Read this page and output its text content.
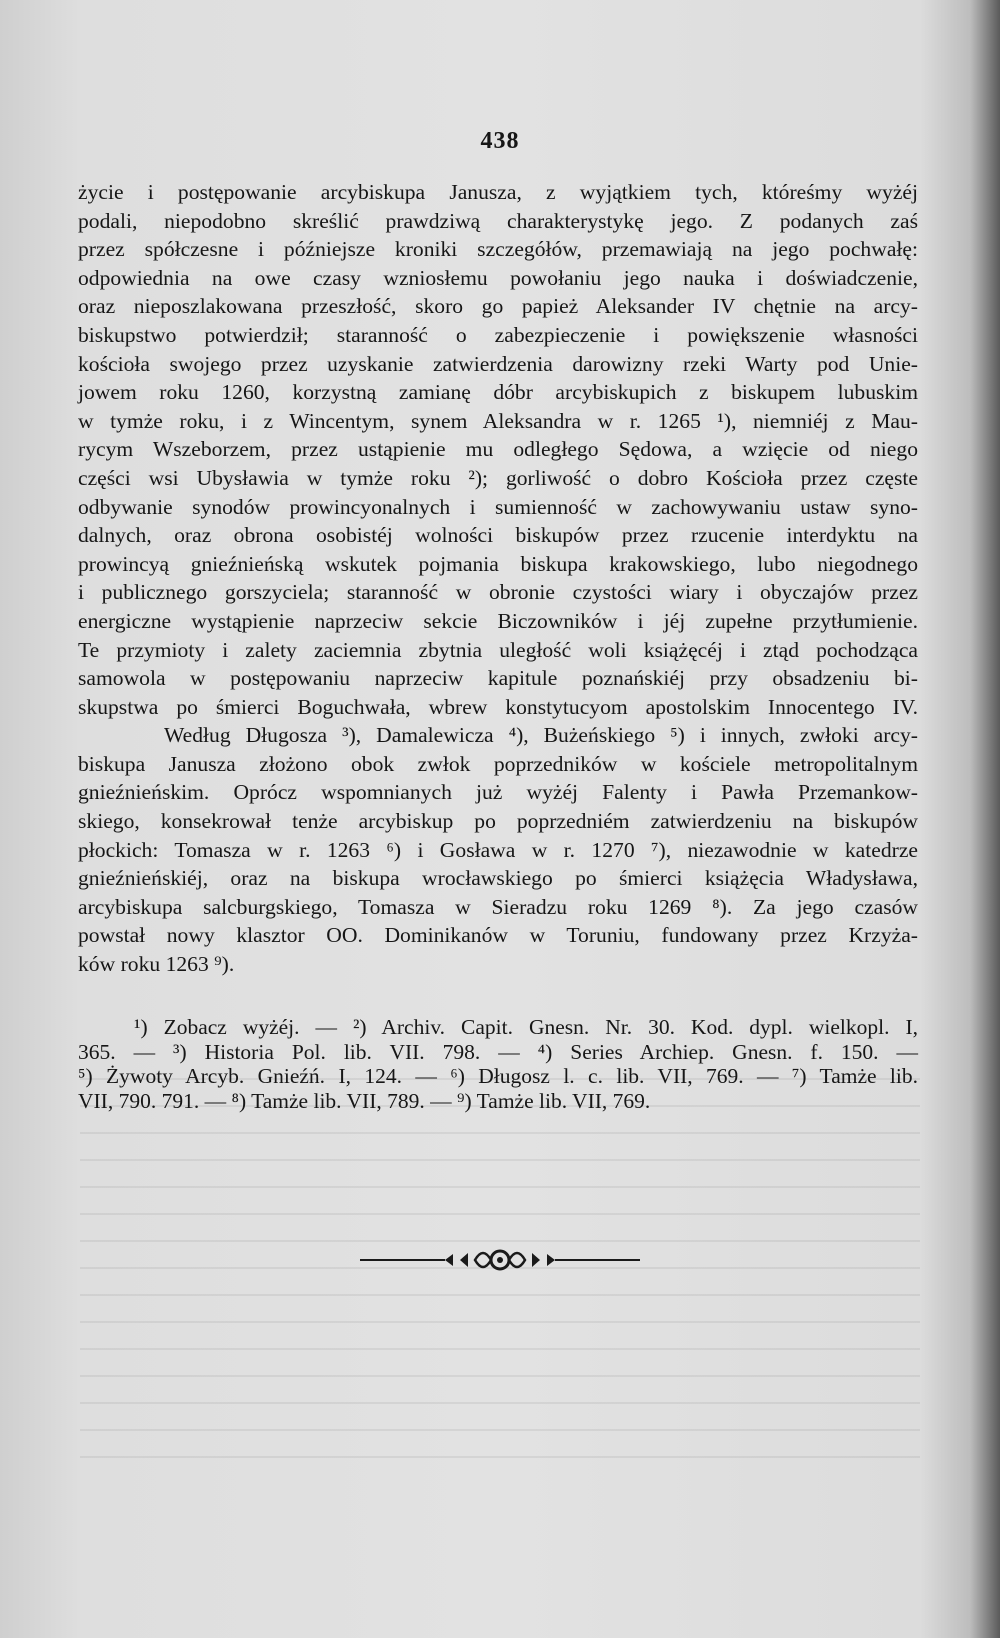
438
życie i postępowanie arcybiskupa Janusza, z wyjątkiem tych, któreśmy wyżéj
podali, niepodobno skreślić prawdziwą charakterystykę jego. Z podanych zaś
przez spółczesne i późniejsze kroniki szczegółów, przemawiają na jego pochwałę:
odpowiednia na owe czasy wzniosłemu powołaniu jego nauka i doświadczenie,
oraz nieposzlakowana przeszłość, skoro go papież Aleksander IV chętnie na arcy-
biskupstwo potwierdził; staranność o zabezpieczenie i powiększenie własności
kościoła swojego przez uzyskanie zatwierdzenia darowizny rzeki Warty pod Unie-
jowem roku 1260, korzystną zamianę dóbr arcybiskupich z biskupem lubuskim
w tymże roku, i z Wincentym, synem Aleksandra w r. 1265 ¹), niemniéj z Mau-
rycym Wszeborzem, przez ustąpienie mu odległego Sędowa, a wzięcie od niego
części wsi Ubysławia w tymże roku ²); gorliwość o dobro Kościoła przez częste
odbywanie synodów prowincyonalnych i sumienność w zachowywaniu ustaw syno-
dalnych, oraz obrona osobistéj wolności biskupów przez rzucenie interdyktu na
prowincyą gnieźnieńską wskutek pojmania biskupa krakowskiego, lubo niegodnego
i publicznego gorszyciela; staranność w obronie czystości wiary i obyczajów przez
energiczne wystąpienie naprzeciw sekcie Biczowników i jéj zupełne przytłumienie.
Te przymioty i zalety zaciemnia zbytnia uległość woli książęcéj i ztąd pochodząca
samowola w postępowaniu naprzeciw kapitule poznańskiéj przy obsadzeniu bi-
skupstwa po śmierci Boguchwała, wbrew konstytucyom apostolskim Innocentego IV.
Według Długosza ³), Damalewicza ⁴), Bużeńskiego ⁵) i innych, zwłoki arcy-
biskupa Janusza złożono obok zwłok poprzedników w kościele metropolitalnym
gnieźnieńskim. Oprócz wspomnianych już wyżéj Falenty i Pawła Przemankow-
skiego, konsekrował tenże arcybiskup po poprzedniém zatwierdzeniu na biskupów
płockich: Tomasza w r. 1263 ⁶) i Gosława w r. 1270 ⁷), niezawodnie w katedrze
gnieźnieńskiéj, oraz na biskupa wrocławskiego po śmierci książęcia Władysława,
arcybiskupa salcburgskiego, Tomasza w Sieradzu roku 1269 ⁸). Za jego czasów
powstał nowy klasztor OO. Dominikanów w Toruniu, fundowany przez Krzyża-
ków roku 1263 ⁹).
¹) Zobacz wyżéj. — ²) Archiv. Capit. Gnesn. Nr. 30. Kod. dypl. wielkopl. I,
365. — ³) Historia Pol. lib. VII. 798. — ⁴) Series Archiep. Gnesn. f. 150. —
⁵) Żywoty Arcyb. Gnieźń. I, 124. — ⁶) Długosz l. c. lib. VII, 769. — ⁷) Tamże lib.
VII, 790. 791. — ⁸) Tamże lib. VII, 789. — ⁹) Tamże lib. VII, 769.
